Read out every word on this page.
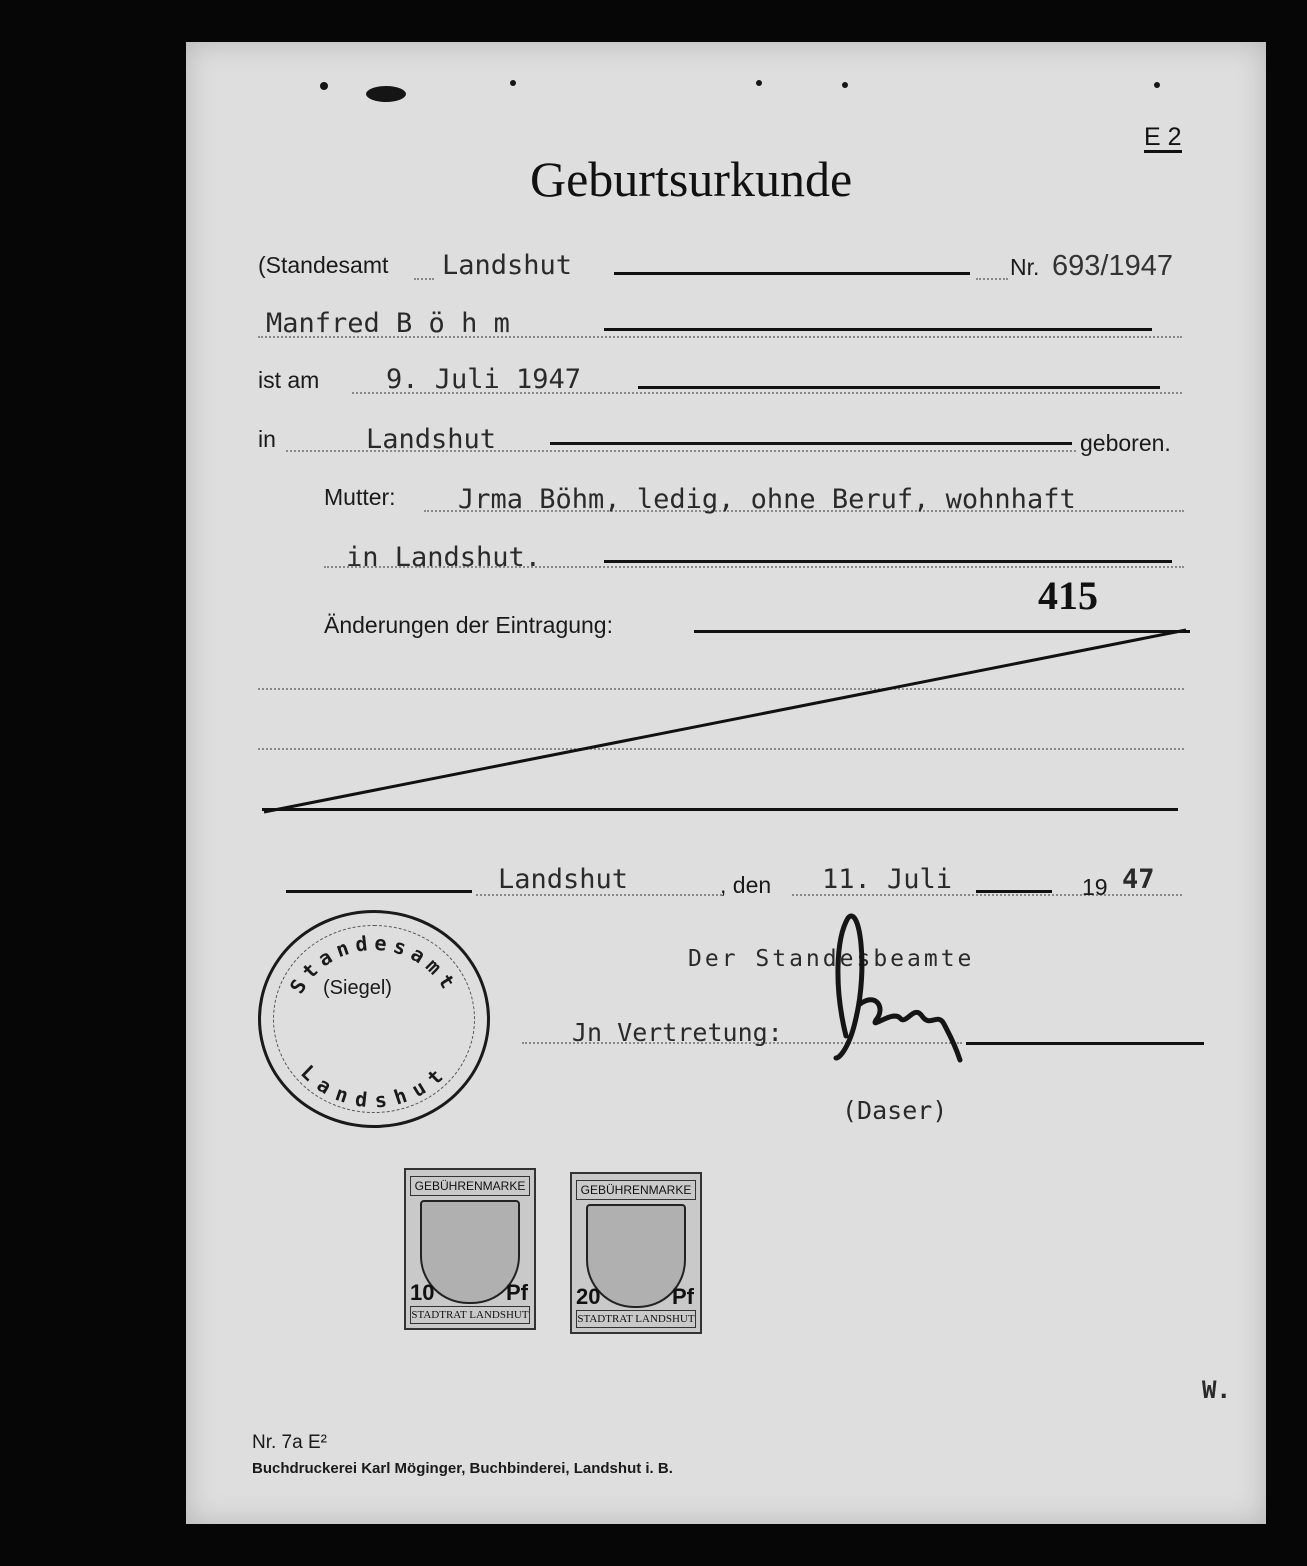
E 2
Geburtsurkunde
(Standesamt Landshut	Nr. 693/1947
Manfred B ö h m
ist am 9. Juli 1947
in	Landshut	geboren.
Mutter: Jrma Böhm, ledig, ohne Beruf, wohnhaft
in Landshut.
415
Änderungen der Eintragung:
Landshut	, den 11. Juli	19 47
Standesamt
Landshut
(Siegel)
Der Standesbeamte
Jn Vertretung:
(Daser)
GEBÜHRENMARKE
10	Pf
STADTRAT LANDSHUT
GEBÜHRENMARKE
20	Pf
STADTRAT LANDSHUT
W.
Nr. 7a E²
Buchdruckerei Karl Möginger, Buchbinderei, Landshut i. B.
